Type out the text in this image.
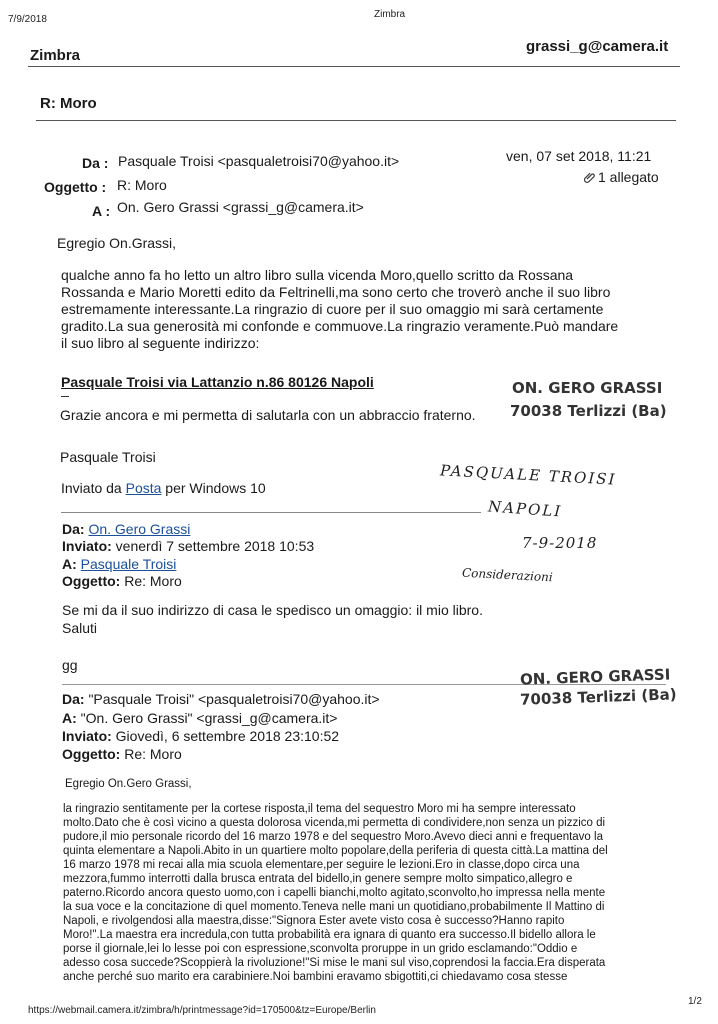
7/9/2018	Zimbra
Zimbra
grassi_g@camera.it
R: Moro
Da : Pasquale Troisi <pasqualetroisi70@yahoo.it>	ven, 07 set 2018, 11:21
Oggetto : R: Moro	1 allegato
A : On. Gero Grassi <grassi_g@camera.it>
Egregio On.Grassi,
qualche anno fa ho letto un altro libro sulla vicenda Moro,quello scritto da Rossana
Rossanda e Mario Moretti edito da Feltrinelli,ma sono certo che troverò anche il suo libro
estremamente interessante.La ringrazio di cuore per il suo omaggio mi sarà certamente
gradito.La sua generosità mi confonde e commuove.La ringrazio veramente.Può mandare
il suo libro al seguente indirizzo:
Pasquale Troisi via Lattanzio n.86 80126 Napoli
Grazie ancora e mi permetta di salutarla con un abbraccio fraterno.
Pasquale Troisi
Inviato da Posta per Windows 10
Da: On. Gero Grassi
Inviato: venerdì 7 settembre 2018 10:53
A: Pasquale Troisi
Oggetto: Re: Moro
Se mi da il suo indirizzo di casa le spedisco un omaggio: il mio libro.
Saluti
gg
Da: "Pasquale Troisi" <pasqualetroisi70@yahoo.it>
A: "On. Gero Grassi" <grassi_g@camera.it>
Inviato: Giovedì, 6 settembre 2018 23:10:52
Oggetto: Re: Moro
Egregio On.Gero Grassi,
la ringrazio sentitamente per la cortese risposta,il tema del sequestro Moro mi ha sempre interessato
molto.Dato che è così vicino a questa dolorosa vicenda,mi permetta di condividere,non senza un pizzico di
pudore,il mio personale ricordo del 16 marzo 1978 e del sequestro Moro.Avevo dieci anni e frequentavo la
quinta elementare a Napoli.Abito in un quartiere molto popolare,della periferia di questa città.La mattina del
16 marzo 1978 mi recai alla mia scuola elementare,per seguire le lezioni.Ero in classe,dopo circa una
mezzora,fummo interrotti dalla brusca entrata del bidello,in genere sempre molto simpatico,allegro e
paterno.Ricordo ancora questo uomo,con i capelli bianchi,molto agitato,sconvolto,ho impressa nella mente
la sua voce e la concitazione di quel momento.Teneva nelle mani un quotidiano,probabilmente Il Mattino di
Napoli, e rivolgendosi alla maestra,disse:"Signora Ester avete visto cosa è successo?Hanno rapito
Moro!".La maestra era incredula,con tutta probabilità era ignara di quanto era successo.Il bidello allora le
porse il giornale,lei lo lesse poi con espressione,sconvolta proruppe in un grido esclamando:"Oddio e
adesso cosa succede?Scoppierà la rivoluzione!"Si mise le mani sul viso,coprendosi la faccia.Era disperata
anche perché suo marito era carabiniere.Noi bambini eravamo sbigottiti,ci chiedavamo cosa stesse
ON. GERO GRASSI
70038 Terlizzi (Ba)
ON. GERO GRASSI
70038 Terlizzi (Ba)
PASQUALE TROISI
NAPOLI
7-9-2018
Considerazioni
https://webmail.camera.it/zimbra/h/printmessage?id=170500&tz=Europe/Berlin
1/2
